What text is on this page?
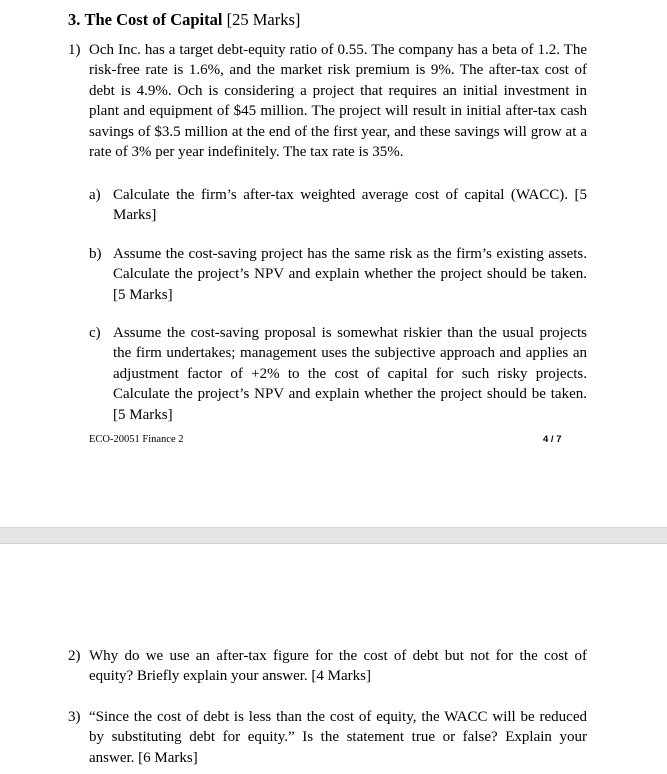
3. The Cost of Capital [25 Marks]
1) Och Inc. has a target debt-equity ratio of 0.55. The company has a beta of 1.2. The risk-free rate is 1.6%, and the market risk premium is 9%. The after-tax cost of debt is 4.9%. Och is considering a project that requires an initial investment in plant and equipment of $45 million. The project will result in initial after-tax cash savings of $3.5 million at the end of the first year, and these savings will grow at a rate of 3% per year indefinitely. The tax rate is 35%.
a) Calculate the firm’s after-tax weighted average cost of capital (WACC). [5 Marks]
b) Assume the cost-saving project has the same risk as the firm’s existing assets. Calculate the project’s NPV and explain whether the project should be taken. [5 Marks]
c) Assume the cost-saving proposal is somewhat riskier than the usual projects the firm undertakes; management uses the subjective approach and applies an adjustment factor of +2% to the cost of capital for such risky projects. Calculate the project’s NPV and explain whether the project should be taken. [5 Marks]
ECO-20051 Finance 2	4 / 7
2) Why do we use an after-tax figure for the cost of debt but not for the cost of equity? Briefly explain your answer. [4 Marks]
3) “Since the cost of debt is less than the cost of equity, the WACC will be reduced by substituting debt for equity.” Is the statement true or false? Explain your answer. [6 Marks]
